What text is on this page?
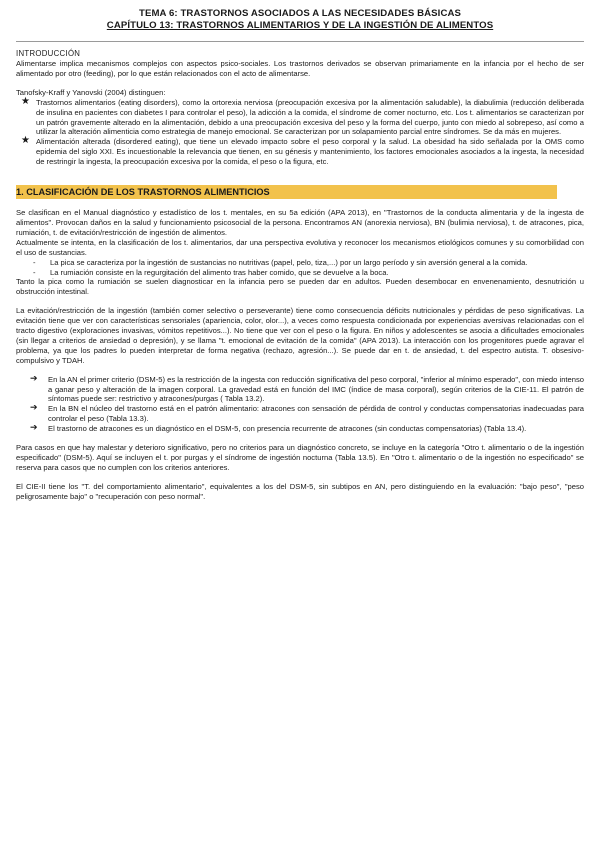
TEMA 6: TRASTORNOS ASOCIADOS A LAS NECESIDADES BÁSICAS
CAPÍTULO 13: TRASTORNOS ALIMENTARIOS Y DE LA INGESTIÓN DE ALIMENTOS

INTRODUCCIÓN

Alimentarse implica mecanismos complejos con aspectos psico-sociales. Los trastornos derivados se observan primariamente en la infancia por el hecho de ser alimentado por otro (feeding), por lo que están relacionados con el acto de alimentarse.

Tanofsky-Kraff y Yanovski (2004) distinguen:

★ Trastornos alimentarios (eating disorders), como la ortorexia nerviosa (preocupación excesiva por la alimentación saludable), la diabulimia (reducción deliberada de insulina en pacientes con diabetes I para controlar el peso), la adicción a la comida, el síndrome de comer nocturno, etc. Los t. alimentarios se caracterizan por un patrón gravemente alterado en la alimentación, debido a una preocupación excesiva del peso y la forma del cuerpo, junto con miedo al sobrepeso, así como a utilizar la alteración alimenticia como estrategia de manejo emocional. Se caracterizan por un solapamiento parcial entre síndromes. Se da más en mujeres.
★ Alimentación alterada (disordered eating), que tiene un elevado impacto sobre el peso corporal y la salud. La obesidad ha sido señalada por la OMS como epidemia del siglo XXI. Es incuestionable la relevancia que tienen, en su génesis y mantenimiento, los factores emocionales asociados a la ingesta, la necesidad de restringir la ingesta, la preocupación excesiva por la comida, el peso o la figura, etc.
1. CLASIFICACIÓN DE LOS TRASTORNOS ALIMENTICIOS

Se clasifican en el Manual diagnóstico y estadístico de los t. mentales, en su 5a edición (APA 2013), en "Trastornos de la conducta alimentaria y de la ingesta de alimentos". Provocan daños en la salud y funcionamiento psicosocial de la persona. Encontramos AN (anorexia nerviosa), BN (bulimia nerviosa), t. de atracones, pica, rumiación, t. de evitación/restricción de ingestión de alimentos.

Actualmente se intenta, en la clasificación de los t. alimentarios, dar una perspectiva evolutiva y reconocer los mecanismos etiológicos comunes y su comorbilidad con el uso de sustancias.

- La pica se caracteriza por la ingestión de sustancias no nutritivas (papel, pelo, tiza,...) por un largo período y sin aversión general a la comida.
- La rumiación consiste en la regurgitación del alimento tras haber comido, que se devuelve a la boca.

Tanto la pica como la rumiación se suelen diagnosticar en la infancia pero se pueden dar en adultos. Pueden desembocar en envenenamiento, desnutrición u obstrucción intestinal.

La evitación/restricción de la ingestión (también comer selectivo o perseverante) tiene como consecuencia déficits nutricionales y pérdidas de peso significativas. La evitación tiene que ver con características sensoriales (apariencia, color, olor...), a veces como respuesta condicionada por experiencias aversivas relacionadas con el tracto digestivo (exploraciones invasivas, vómitos repetitivos...). No tiene que ver con el peso o la figura. En niños y adolescentes se asocia a dificultades emocionales (sin llegar a criterios de ansiedad o depresión), y se llama "t. emocional de evitación de la comida" (APA 2013). La interacción con los progenitores puede agravar el problema, ya que los padres lo pueden interpretar de forma negativa (rechazo, agresión...). Se puede dar en t. de ansiedad, t. del espectro autista. T. obsesivo-compulsivo y TDAH.

➔ En la AN el primer criterio (DSM-5) es la restricción de la ingesta con reducción significativa del peso corporal, "inferior al mínimo esperado", con miedo intenso a ganar peso y alteración de la imagen corporal. La gravedad está en función del IMC (índice de masa corporal), según criterios de la CIE-11. El patrón de síntomas puede ser: restrictivo y atracones/purgas ( Tabla 13.2).
➔ En la BN el núcleo del trastorno está en el patrón alimentario: atracones con sensación de pérdida de control y conductas compensatorias inadecuadas para controlar el peso (Tabla 13.3).
➔ El trastorno de atracones es un diagnóstico en el DSM-5, con presencia recurrente de atracones (sin conductas compensatorias) (Tabla 13.4).

Para casos en que hay malestar y deterioro significativo, pero no criterios para un diagnóstico concreto, se incluye en la categoría "Otro t. alimentario o de la ingestión especificado" (DSM-5). Aquí se incluyen el t. por purgas y el síndrome de ingestión nocturna (Tabla 13.5). En "Otro t. alimentario o de la ingestión no especificado" se reserva para casos que no cumplen con los criterios anteriores.

El CIE-II tiene los "T. del comportamiento alimentario", equivalentes a los del DSM-5, sin subtipos en AN, pero distinguiendo en la evaluación: "bajo peso", "peso peligrosamente bajo" o "recuperación con peso normal".
